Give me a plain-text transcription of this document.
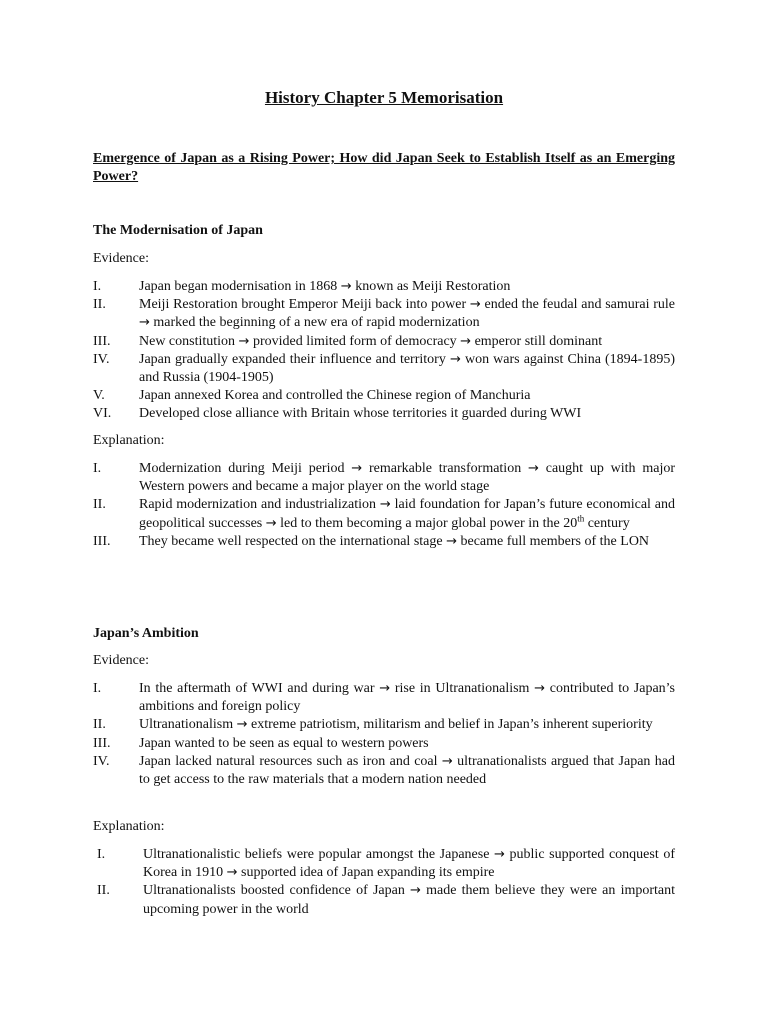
History Chapter 5 Memorisation
Emergence of Japan as a Rising Power; How did Japan Seek to Establish Itself as an Emerging Power?
The Modernisation of Japan
Evidence:
I.	Japan began modernisation in 1868 → known as Meiji Restoration
II.	Meiji Restoration brought Emperor Meiji back into power → ended the feudal and samurai rule → marked the beginning of a new era of rapid modernization
III.	New constitution → provided limited form of democracy → emperor still dominant
IV.	Japan gradually expanded their influence and territory → won wars against China (1894-1895) and Russia (1904-1905)
V.	Japan annexed Korea and controlled the Chinese region of Manchuria
VI.	Developed close alliance with Britain whose territories it guarded during WWI
Explanation:
I.	Modernization during Meiji period → remarkable transformation → caught up with major Western powers and became a major player on the world stage
II.	Rapid modernization and industrialization → laid foundation for Japan’s future economical and geopolitical successes → led to them becoming a major global power in the 20th century
III.	They became well respected on the international stage → became full members of the LON
Japan’s Ambition
Evidence:
I.	In the aftermath of WWI and during war → rise in Ultranationalism → contributed to Japan’s ambitions and foreign policy
II.	Ultranationalism → extreme patriotism, militarism and belief in Japan’s inherent superiority
III.	Japan wanted to be seen as equal to western powers
IV.	Japan lacked natural resources such as iron and coal → ultranationalists argued that Japan had to get access to the raw materials that a modern nation needed
Explanation:
I.	Ultranationalistic beliefs were popular amongst the Japanese → public supported conquest of Korea in 1910 → supported idea of Japan expanding its empire
II.	Ultranationalists boosted confidence of Japan → made them believe they were an important upcoming power in the world
